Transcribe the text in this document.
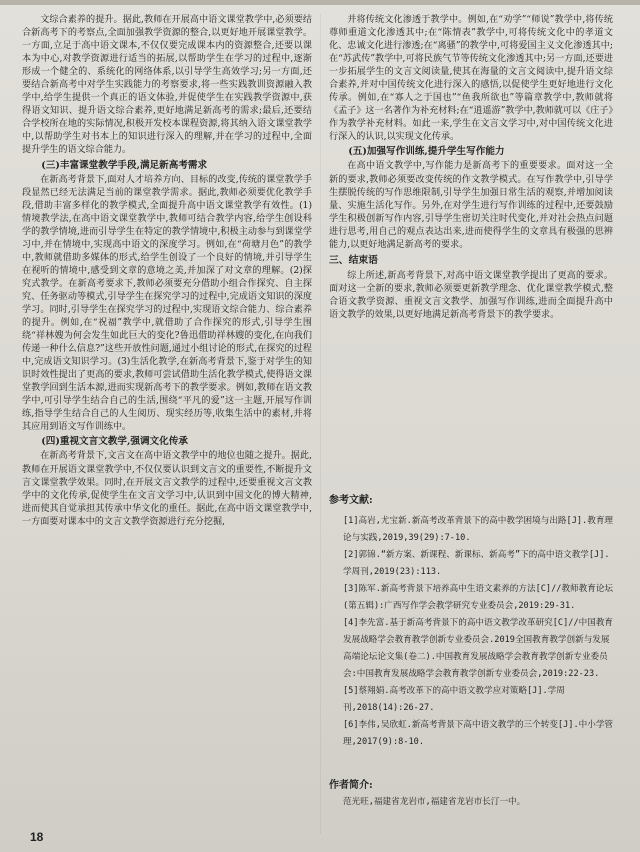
文综合素养的提升。据此,教师在开展高中语文课堂教学中,必须要结合新高考下的考察点,全面加强教学资源的整合,以更好地开展课堂教学。一方面,立足于高中语文课本,不仅仅要完成课本内的资源整合,还要以课本为中心,对教学资源进行适当的拓展,以帮助学生在学习的过程中,逐渐形成一个健全的、系统化的网络体系,以引导学生高效学习;另一方面,还要结合新高考中对学生实践能力的考察要求,将一些实践教训资源融入教学中,给学生提供一个真正的语文体验,并促使学生在实践教学资源中,获得语文知识、提升语文综合素养,更好地满足新高考的需求;最后,还要结合学校所在地的实际情况,积极开发校本课程资源,将其纳入语文课堂教学中,以帮助学生对书本上的知识进行深入的理解,并在学习的过程中,全面提升学生的语文综合能力。

(三)丰富课堂教学手段,满足新高考需求

在新高考背景下,面对人才培养方向、目标的改变,传统的课堂教学手段显然已经无法满足当前的课堂教学需求。据此,教师必须要优化教学手段,借助丰富多样化的教学模式,全面提升高中语文课堂教学有效性。(1)情境教学法,在高中语文课堂教学中,教师可结合教学内容,给学生创设科学的教学情境,进而引导学生在特定的教学情境中,积极主动参与到课堂学习中,并在情境中,实现高中语文的深度学习。例如,在“荷塘月色”的教学中,教师就借助多媒体的形式,给学生创设了一个良好的情境,并引导学生在视听的情境中,感受到文章的意境之美,并加深了对文章的理解。(2)探究式教学。在新高考要求下,教师必须要充分借助小组合作探究、自主探究、任务驱动等模式,引导学生在探究学习的过程中,完成语文知识的深度学习。同时,引导学生在探究学习的过程中,实现语文综合能力、综合素养的提升。例如,在“祝福”教学中,就借助了合作探究的形式,引导学生围绕“祥林嫂为何会发生如此巨大的变化?鲁迅借助祥林嫂的变化,在向我们传递一种什么信息?”这些开放性问题,通过小组讨论的形式,在探究的过程中,完成语文知识学习。(3)生活化教学,在新高考背景下,鉴于对学生的知识时效性提出了更高的要求,教师可尝试借助生活化教学模式,使得语文课堂教学回到生活本源,进而实现新高考下的教学要求。例如,教师在语文教学中,可引导学生结合自己的生活,围绕“平凡的爱”这一主题,开展写作训练,指导学生结合自己的人生阅历、现实经历等,收集生活中的素材,并将其应用到语文写作训练中。

(四)重视文言文教学,强调文化传承

在新高考背景下,文言文在高中语文教学中的地位也随之提升。据此,教师在开展语文课堂教学中,不仅仅要认识到文言文的重要性,不断提升文言文课堂教学效果。同时,在开展文言文教学的过程中,还要重视文言文教学中的文化传承,促使学生在文言文学习中,认识到中国文化的博大精神,进而使其自觉承担其传承中华文化的重任。据此,在高中语文课堂教学中,一方面要对课本中的文言文教学资源进行充分挖掘,

并将传统文化渗透于教学中。例如,在“劝学”“师说”教学中,将传统尊师重道文化渗透其中;在“陈情表”教学中,可将传统文化中的孝道文化、忠诚文化进行渗透;在“离骚”的教学中,可将爱国主义文化渗透其中;在“苏武传”教学中,可将民族气节等传统文化渗透其中;另一方面,还要进一步拓展学生的文言文阅读量,使其在海量的文言文阅读中,提升语文综合素养,并对中国传统文化进行深入的感悟,以促使学生更好地进行文化传承。例如,在“寡人之于国也”“鱼我所欲也”等篇章教学中,教师就将《孟子》这一名著作为补充材料;在“逍遥游”教学中,教师就可以《庄子》作为教学补充材料。如此一来,学生在文言文学习中,对中国传统文化进行深入的认识,以实现文化传承。

(五)加强写作训练,提升学生写作能力

在高中语文教学中,写作能力是新高考下的重要要求。面对这一全新的要求,教师必须要改变传统的作文教学模式。在写作教学中,引导学生摆脱传统的写作思维限制,引导学生加强日常生活的观察,并增加阅读量、实施生活化写作。另外,在对学生进行写作训练的过程中,还要鼓励学生积极创新写作内容,引导学生密切关注时代变化,并对社会热点问题进行思考,用自己的观点表达出来,进而使得学生的文章具有极强的思辨能力,以更好地满足新高考的要求。

三、结束语

综上所述,新高考背景下,对高中语文课堂教学提出了更高的要求。面对这一全新的要求,教师必须要更新教学理念、优化课堂教学模式,整合语文教学资源、重视文言文教学、加强写作训练,进而全面提升高中语文教学的效果,以更好地满足新高考背景下的教学要求。

参考文献:

[1]高岩,尤宝新.新高考改革背景下的高中教学困境与出路[J].教育理论与实践,2019,39(29):7-10.

[2]郭锦.“新方案、新课程、新课标、新高考”下的高中语文教学[J].学周刊,2019(23):113.

[3]陈军.新高考背景下培养高中生语文素养的方法[C]//教师教育论坛(第五辑):广西写作学会教学研究专业委员会,2019:29-31.

[4]李先富.基于新高考背景下的高中语文教学改革研究[C]//中国教育发展战略学会教育教学创新专业委员会.2019全国教育教学创新与发展高端论坛论文集(卷二).中国教育发展战略学会教育教学创新专业委员会:中国教育发展战略学会教育教学创新专业委员会,2019:22-23.

[5]蔡翔娟.高考改革下的高中语文教学应对策略[J].学周刊,2018(14):26-27.

[6]李伟,吴欣虹.新高考背景下高中语文教学的三个转变[J].中小学管理,2017(9):8-10.

作者简介:
范光旺,福建省龙岩市,福建省龙岩市长汀一中。
18
